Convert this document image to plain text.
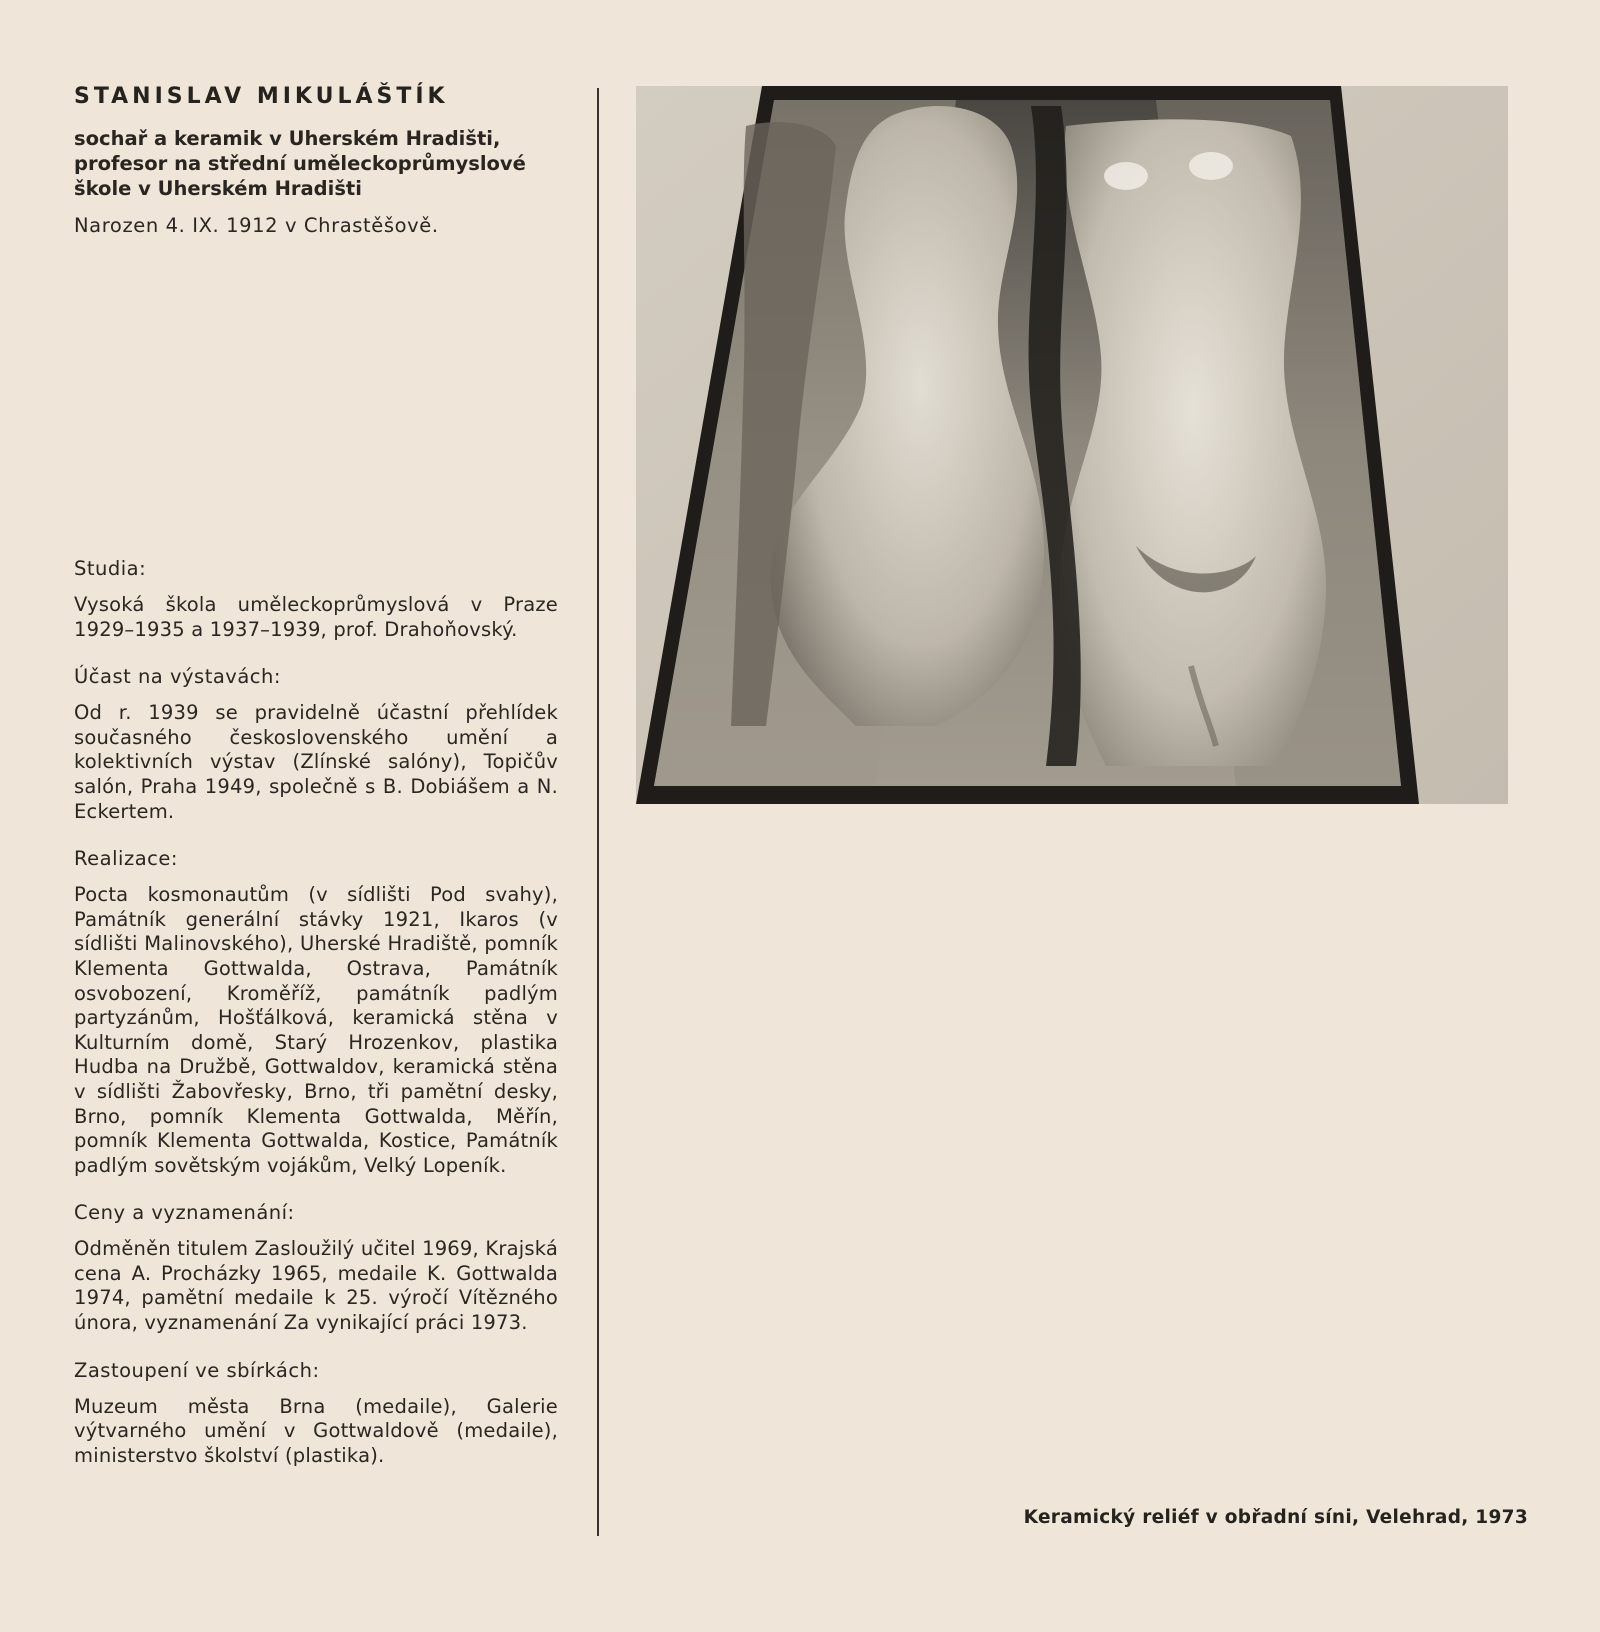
STANISLAV MIKULÁŠTÍK

sochař a keramik v Uherském Hradišti,
profesor na střední uměleckoprůmyslové
škole v Uherském Hradišti

Narozen 4. IX. 1912 v Chrastěšově.

Studia:

Vysoká škola uměleckoprůmyslová v Praze 1929–1935 a 1937–1939, prof. Drahoňovský.

Účast na výstavách:

Od r. 1939 se pravidelně účastní přehlídek současného československého umění a kolektivních výstav (Zlínské salóny), Topičův salón, Praha 1949, společně s B. Dobiášem a N. Eckertem.

Realizace:

Pocta kosmonautům (v sídlišti Pod svahy), Památník generální stávky 1921, Ikaros (v sídlišti Malinovského), Uherské Hradiště, pomník Klementa Gottwalda, Ostrava, Památník osvobození, Kroměříž, památník padlým partyzánům, Hošťálková, keramická stěna v Kulturním domě, Starý Hrozenkov, plastika Hudba na Družbě, Gottwaldov, keramická stěna v sídlišti Žabovřesky, Brno, tři pamětní desky, Brno, pomník Klementa Gottwalda, Měřín, pomník Klementa Gottwalda, Kostice, Památník padlým sovětským vojákům, Velký Lopeník.

Ceny a vyznamenání:

Odměněn titulem Zasloužilý učitel 1969, Krajská cena A. Procházky 1965, medaile K. Gottwalda 1974, pamětní medaile k 25. výročí Vítězného února, vyznamenání Za vynikající práci 1973.

Zastoupení ve sbírkách:

Muzeum města Brna (medaile), Galerie výtvarného umění v Gottwaldově (medaile), ministerstvo školství (plastika).

Keramický reliéf v obřadní síni, Velehrad, 1973
